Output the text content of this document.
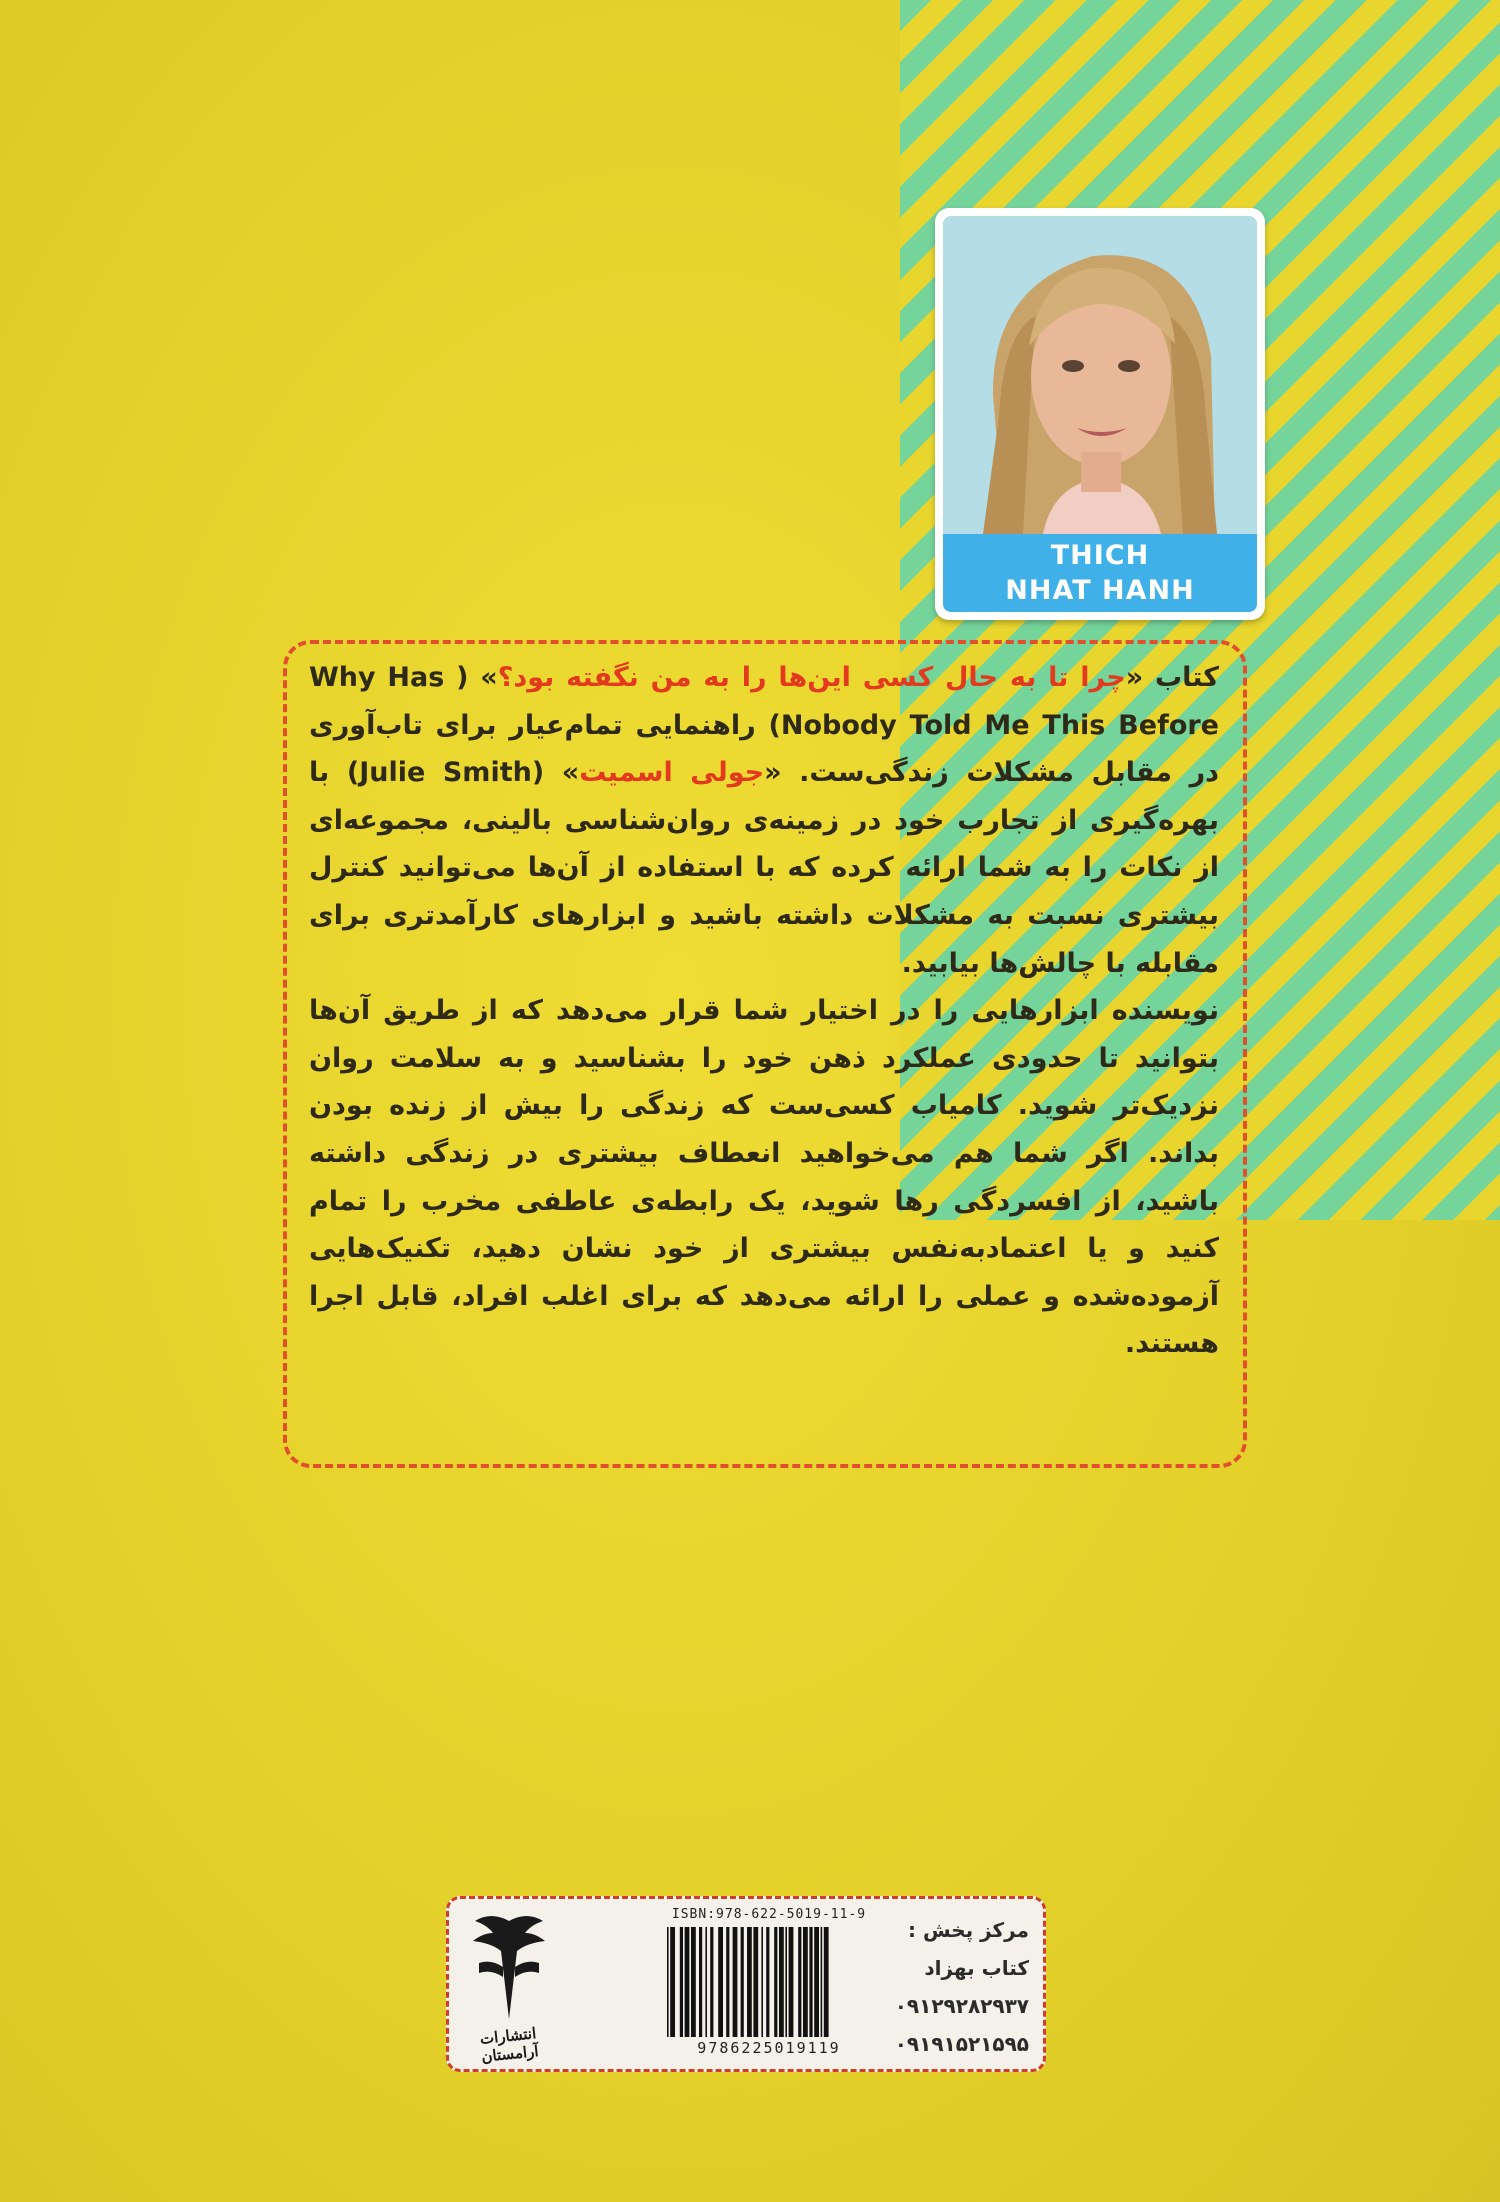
THICH
NHAT HANH

کتاب «چرا تا به حال کسی این‌ها را به من نگفته بود؟» ( Why Has Nobody Told Me This Before) راهنمایی تمام‌عیار برای تاب‌آوری در مقابل مشکلات زندگی‌ست. «جولی اسمیت» (Julie Smith) با بهره‌گیری از تجارب خود در زمینه‌ی روان‌شناسی بالینی، مجموعه‌ای از نکات را به شما ارائه کرده که با استفاده از آن‌ها می‌توانید کنترل بیشتری نسبت به مشکلات داشته باشید و ابزارهای کارآمدتری برای مقابله با چالش‌ها بیابید.

نویسنده ابزارهایی را در اختیار شما قرار می‌دهد که از طریق آن‌ها بتوانید تا حدودی عملکرد ذهن خود را بشناسید و به سلامت روان نزدیک‌تر شوید. کامیاب کسی‌ست که زندگی را بیش از زنده بودن بداند. اگر شما هم می‌خواهید انعطاف بیشتری در زندگی داشته باشید، از افسردگی رها شوید، یک رابطه‌ی عاطفی مخرب را تمام کنید و یا اعتمادبه‌نفس بیشتری از خود نشان دهید، تکنیک‌هایی آزموده‌شده و عملی را ارائه می‌دهد که برای اغلب افراد، قابل اجرا هستند.

انتشارات آرامستان
ISBN:978-622-5019-11-9
9786225019119
مرکز پخش :
کتاب بهزاد
۰۹۱۲۹۲۸۲۹۳۷
۰۹۱۹۱۵۲۱۵۹۵
